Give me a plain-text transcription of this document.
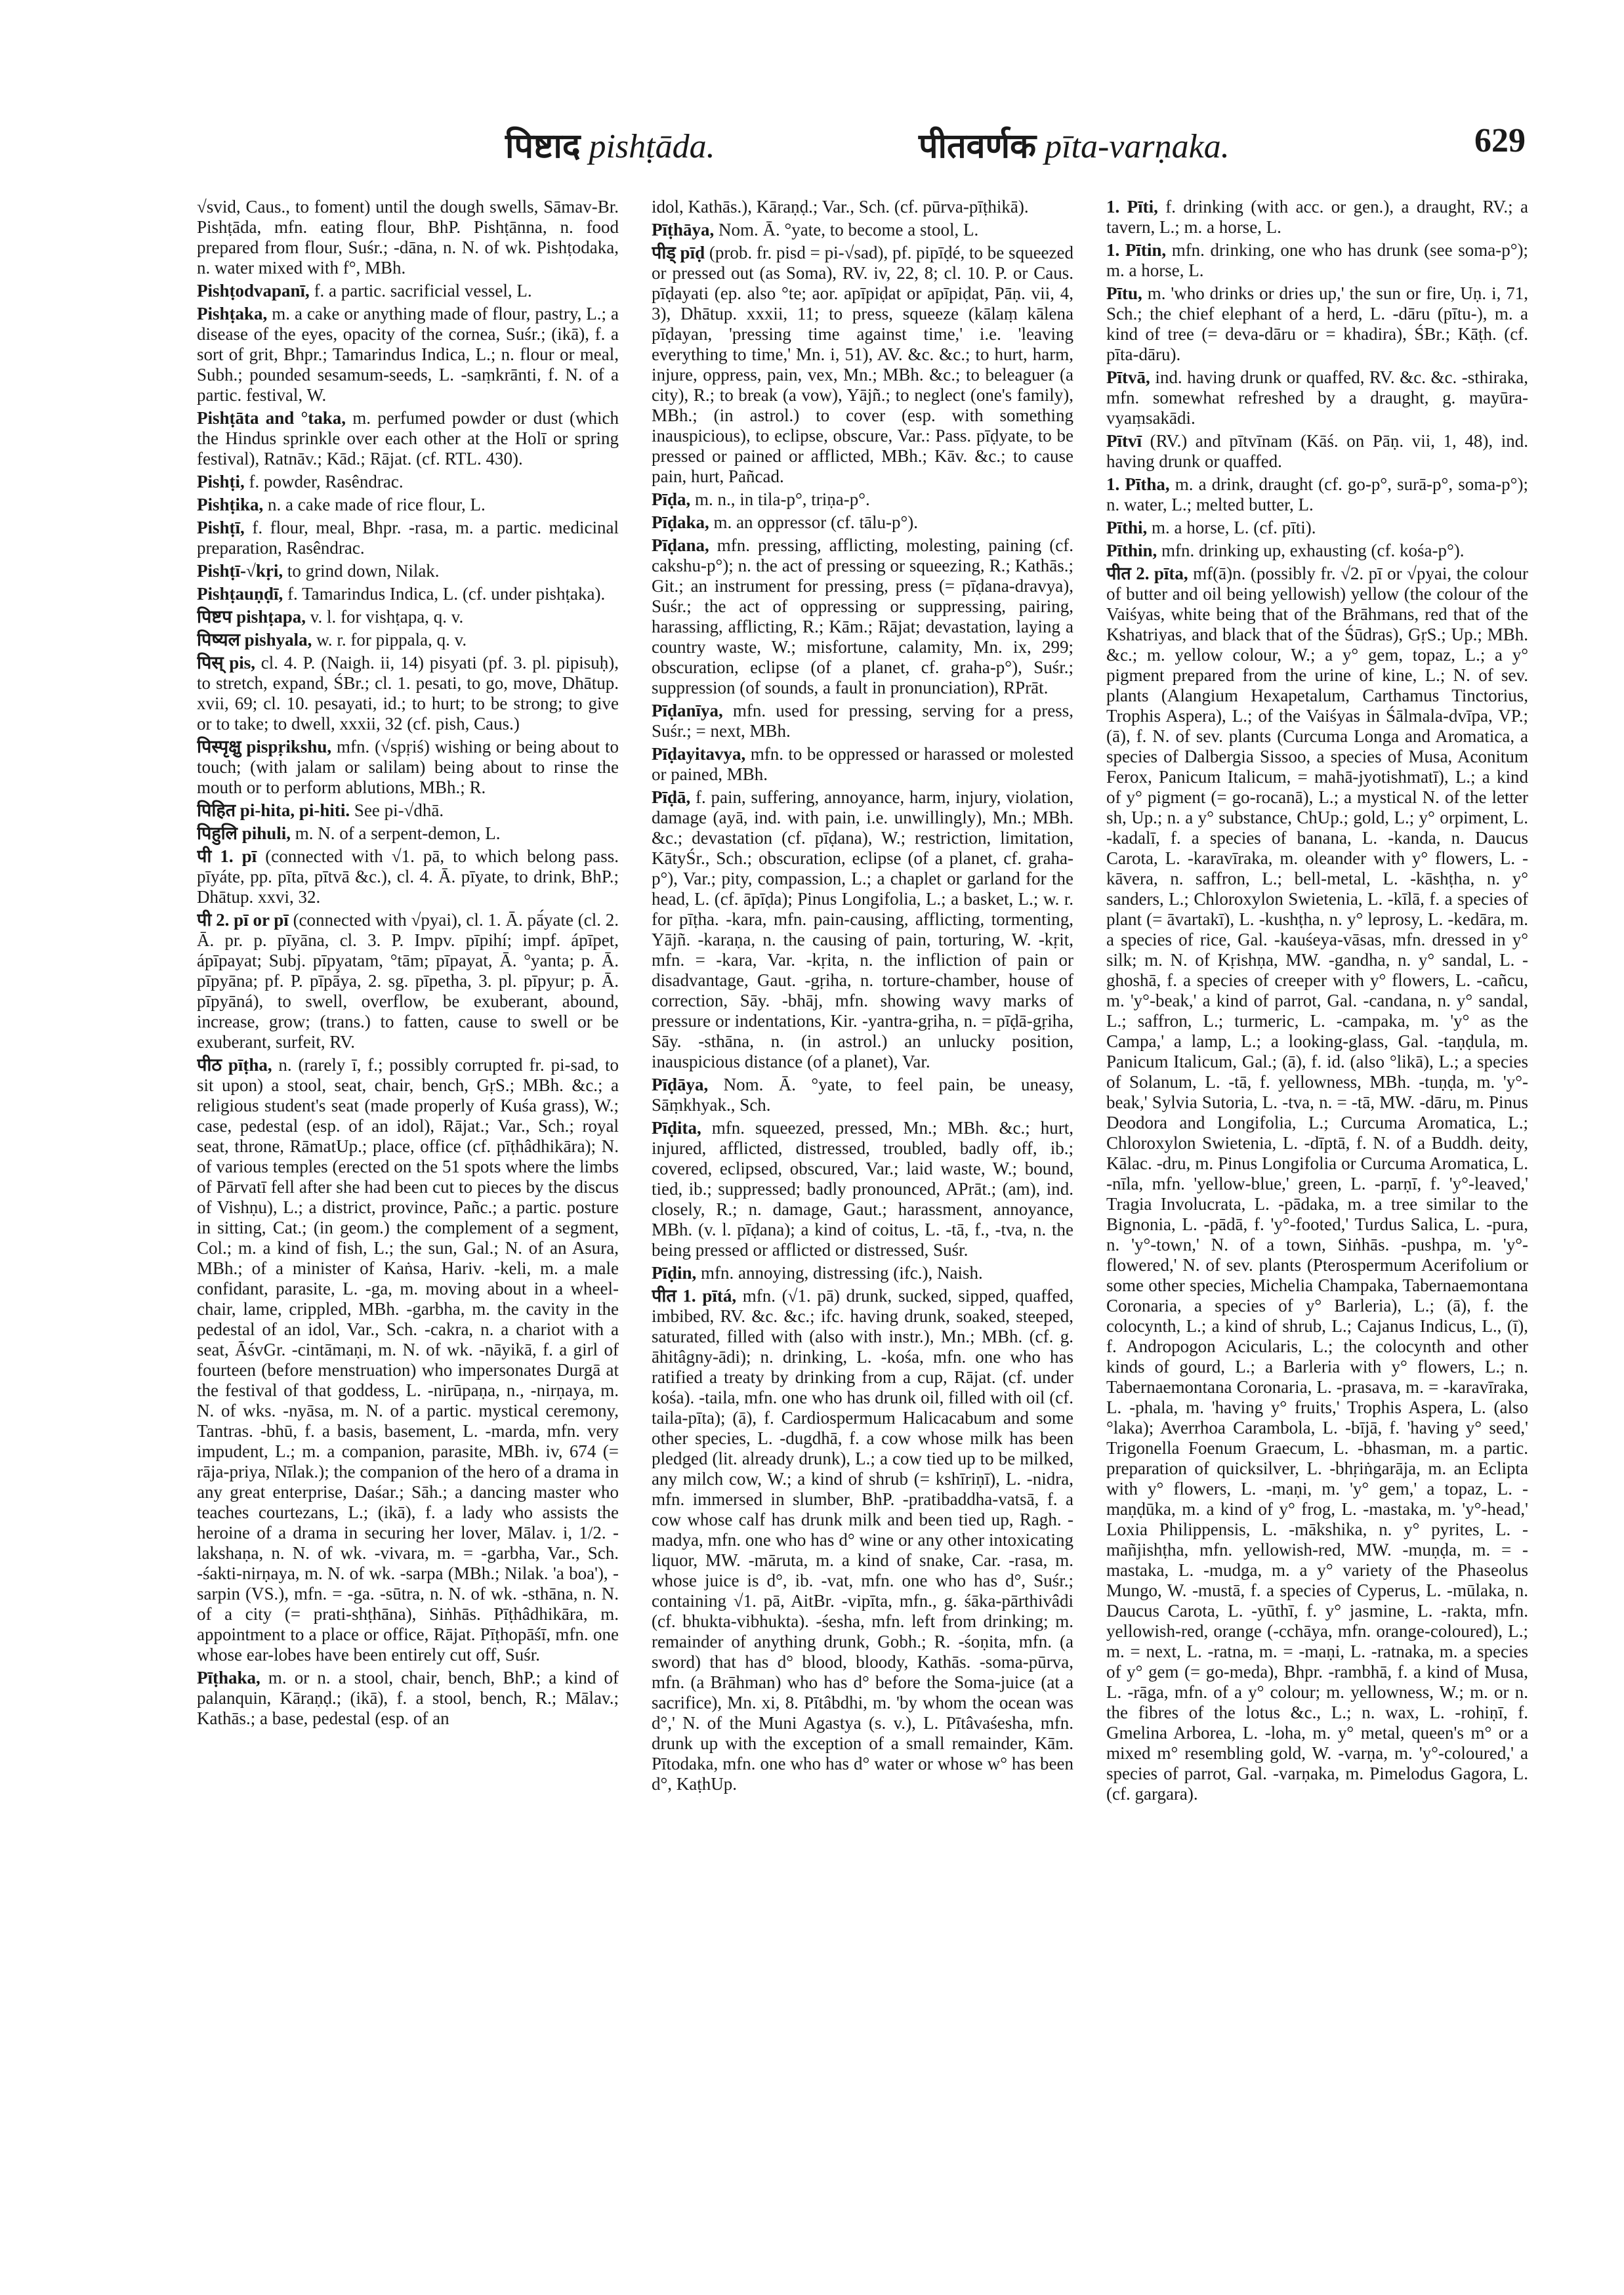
पिष्टाद pishṭāda.	पीतवर्णक pīta-varṇaka.	629

√svid, Caus., to foment) until the dough swells, Sāmav-Br. Pishṭāda, mfn. eating flour, BhP. Pishṭānna, n. food prepared from flour, Suśr.; -dāna, n. N. of wk. Pishṭodaka, n. water mixed with f°, MBh.

Pishṭodvapanī, f. a partic. sacrificial vessel, L.

Pishṭaka, m. a cake or anything made of flour, pastry, L.; a disease of the eyes, opacity of the cornea, Suśr.; (ikā), f. a sort of grit, Bhpr.; Tamarindus Indica, L.; n. flour or meal, Subh.; pounded sesamum-seeds, L. -saṃkrānti, f. N. of a partic. festival, W.

Pishṭāta and °taka, m. perfumed powder or dust (which the Hindus sprinkle over each other at the Holī or spring festival), Ratnāv.; Kād.; Rājat. (cf. RTL. 430).

Pishṭi, f. powder, Rasêndrac.

Pishṭika, n. a cake made of rice flour, L.

Pishṭī, f. flour, meal, Bhpr. -rasa, m. a partic. medicinal preparation, Rasêndrac.

Pishṭī-√kṛi, to grind down, Nilak.

Pishṭauṇḍī, f. Tamarindus Indica, L. (cf. under pishṭaka).

पिष्टप pishṭapa, v. l. for vishṭapa, q. v.

पिष्यल pishyala, w. r. for pippala, q. v.

पिस् pis, cl. 4. P. (Naigh. ii, 14) pisyati (pf. 3. pl. pipisuḥ), to stretch, expand, ŚBr.; cl. 1. pesati, to go, move, Dhātup. xvii, 69; cl. 10. pesayati, id.; to hurt; to be strong; to give or to take; to dwell, xxxii, 32 (cf. pish, Caus.)

पिस्पृक्षु pispṛikshu, mfn. (√spṛiś) wishing or being about to touch; (with jalam or salilam) being about to rinse the mouth or to perform ablutions, MBh.; R.

पिहित pi-hita, pi-hiti. See pi-√dhā.

पिहुलि pihuli, m. N. of a serpent-demon, L.

पी 1. pī (connected with √1. pā, to which belong pass. pīyáte, pp. pīta, pītvā &c.), cl. 4. Ā. pīyate, to drink, BhP.; Dhātup. xxvi, 32.

पी 2. pī or pī (connected with √pyai), cl. 1. Ā. pā́yate (cl. 2. Ā. pr. p. pīyāna, cl. 3. P. Impv. pīpihí; impf. ápīpet, ápīpayat; Subj. pīpyatam, °tām; pīpayat, Ā. °yanta; p. Ā. pīpyāna; pf. P. pīpā́ya, 2. sg. pīpetha, 3. pl. pīpyur; p. Ā. pīpyāná), to swell, overflow, be exuberant, abound, increase, grow; (trans.) to fatten, cause to swell or be exuberant, surfeit, RV.

पीठ pīṭha, n. (rarely ī, f.; possibly corrupted fr. pi-sad, to sit upon) a stool, seat, chair, bench, GṛS.; MBh. &c.; a religious student's seat (made properly of Kuśa grass), W.; case, pedestal (esp. of an idol), Rājat.; Var., Sch.; royal seat, throne, RāmatUp.; place, office (cf. pīṭhâdhikāra); N. of various temples (erected on the 51 spots where the limbs of Pārvatī fell after she had been cut to pieces by the discus of Vishṇu), L.; a district, province, Pañc.; a partic. posture in sitting, Cat.; (in geom.) the complement of a segment, Col.; m. a kind of fish, L.; the sun, Gal.; N. of an Asura, MBh.; of a minister of Kaṅsa, Hariv. -keli, m. a male confidant, parasite, L. -ga, m. moving about in a wheel-chair, lame, crippled, MBh. -garbha, m. the cavity in the pedestal of an idol, Var., Sch. -cakra, n. a chariot with a seat, ĀśvGr. -cintāmaṇi, m. N. of wk. -nāyikā, f. a girl of fourteen (before menstruation) who impersonates Durgā at the festival of that goddess, L. -nirūpaṇa, n., -nirṇaya, m. N. of wks. -nyāsa, m. N. of a partic. mystical ceremony, Tantras. -bhū, f. a basis, basement, L. -marda, mfn. very impudent, L.; m. a companion, parasite, MBh. iv, 674 (= rāja-priya, Nīlak.); the companion of the hero of a drama in any great enterprise, Daśar.; Sāh.; a dancing master who teaches courtezans, L.; (ikā), f. a lady who assists the heroine of a drama in securing her lover, Mālav. i, 1/2. -lakshaṇa, n. N. of wk. -vivara, m. = -garbha, Var., Sch. -śakti-nirṇaya, m. N. of wk. -sarpa (MBh.; Nilak. 'a boa'), -sarpin (VS.), mfn. = -ga. -sūtra, n. N. of wk. -sthāna, n. N. of a city (= prati-shṭhāna), Siṅhās. Pīṭhâdhikāra, m. appointment to a place or office, Rājat. Pīṭhopāśī, mfn. one whose ear-lobes have been entirely cut off, Suśr.

Pīṭhaka, m. or n. a stool, chair, bench, BhP.; a kind of palanquin, Kāraṇḍ.; (ikā), f. a stool, bench, R.; Mālav.; Kathās.; a base, pedestal (esp. of an

idol, Kathās.), Kāraṇḍ.; Var., Sch. (cf. pūrva-pīṭhikā).

Pīṭhāya, Nom. Ā. °yate, to become a stool, L.

पीड् pīḍ (prob. fr. pisd = pi-√sad), pf. pipīḍé, to be squeezed or pressed out (as Soma), RV. iv, 22, 8; cl. 10. P. or Caus. pīḍayati (ep. also °te; aor. apīpiḍat or apīpiḍat, Pāṇ. vii, 4, 3), Dhātup. xxxii, 11; to press, squeeze (kālaṃ kālena pīḍayan, 'pressing time against time,' i.e. 'leaving everything to time,' Mn. i, 51), AV. &c. &c.; to hurt, harm, injure, oppress, pain, vex, Mn.; MBh. &c.; to beleaguer (a city), R.; to break (a vow), Yājñ.; to neglect (one's family), MBh.; (in astrol.) to cover (esp. with something inauspicious), to eclipse, obscure, Var.: Pass. pīḍyate, to be pressed or pained or afflicted, MBh.; Kāv. &c.; to cause pain, hurt, Pañcad.

Pīḍa, m. n., in tila-p°, triṇa-p°.

Pīḍaka, m. an oppressor (cf. tālu-p°).

Pīḍana, mfn. pressing, afflicting, molesting, paining (cf. cakshu-p°); n. the act of pressing or squeezing, R.; Kathās.; Git.; an instrument for pressing, press (= pīḍana-dravya), Suśr.; the act of oppressing or suppressing, pairing, harassing, afflicting, R.; Kām.; Rājat; devastation, laying a country waste, W.; misfortune, calamity, Mn. ix, 299; obscuration, eclipse (of a planet, cf. graha-p°), Suśr.; suppression (of sounds, a fault in pronunciation), RPrāt.

Pīḍanīya, mfn. used for pressing, serving for a press, Suśr.; = next, MBh.

Pīḍayitavya, mfn. to be oppressed or harassed or molested or pained, MBh.

Pīḍā, f. pain, suffering, annoyance, harm, injury, violation, damage (ayā, ind. with pain, i.e. unwillingly), Mn.; MBh. &c.; devastation (cf. pīḍana), W.; restriction, limitation, KātyŚr., Sch.; obscuration, eclipse (of a planet, cf. graha-p°), Var.; pity, compassion, L.; a chaplet or garland for the head, L. (cf. āpīḍa); Pinus Longifolia, L.; a basket, L.; w. r. for pīṭha. -kara, mfn. pain-causing, afflicting, tormenting, Yājñ. -karaṇa, n. the causing of pain, torturing, W. -kṛit, mfn. = -kara, Var. -kṛita, n. the infliction of pain or disadvantage, Gaut. -gṛiha, n. torture-chamber, house of correction, Sāy. -bhāj, mfn. showing wavy marks of pressure or indentations, Kir. -yantra-gṛiha, n. = pīḍā-gṛiha, Sāy. -sthāna, n. (in astrol.) an unlucky position, inauspicious distance (of a planet), Var.

Pīḍāya, Nom. Ā. °yate, to feel pain, be uneasy, Sāṃkhyak., Sch.

Pīḍita, mfn. squeezed, pressed, Mn.; MBh. &c.; hurt, injured, afflicted, distressed, troubled, badly off, ib.; covered, eclipsed, obscured, Var.; laid waste, W.; bound, tied, ib.; suppressed; badly pronounced, APrāt.; (am), ind. closely, R.; n. damage, Gaut.; harassment, annoyance, MBh. (v. l. pīḍana); a kind of coitus, L. -tā, f., -tva, n. the being pressed or afflicted or distressed, Suśr.

Pīḍin, mfn. annoying, distressing (ifc.), Naish.

पीत 1. pītá, mfn. (√1. pā) drunk, sucked, sipped, quaffed, imbibed, RV. &c. &c.; ifc. having drunk, soaked, steeped, saturated, filled with (also with instr.), Mn.; MBh. (cf. g. āhitâgny-ādi); n. drinking, L. -kośa, mfn. one who has ratified a treaty by drinking from a cup, Rājat. (cf. under kośa). -taila, mfn. one who has drunk oil, filled with oil (cf. taila-pīta); (ā), f. Cardiospermum Halicacabum and some other species, L. -dugdhā, f. a cow whose milk has been pledged (lit. already drunk), L.; a cow tied up to be milked, any milch cow, W.; a kind of shrub (= kshīriṇī), L. -nidra, mfn. immersed in slumber, BhP. -pratibaddha-vatsā, f. a cow whose calf has drunk milk and been tied up, Ragh. -madya, mfn. one who has d° wine or any other intoxicating liquor, MW. -māruta, m. a kind of snake, Car. -rasa, m. whose juice is d°, ib. -vat, mfn. one who has d°, Suśr.; containing √1. pā, AitBr. -vipīta, mfn., g. śāka-pārthivâdi (cf. bhukta-vibhukta). -śesha, mfn. left from drinking; m. remainder of anything drunk, Gobh.; R. -śoṇita, mfn. (a sword) that has d° blood, bloody, Kathās. -soma-pūrva, mfn. (a Brāhman) who has d° before the Soma-juice (at a sacrifice), Mn. xi, 8. Pītâbdhi, m. 'by whom the ocean was d°,' N. of the Muni Agastya (s. v.), L. Pītâvaśesha, mfn. drunk up with the exception of a small remainder, Kām. Pītodaka, mfn. one who has d° water or whose w° has been d°, KaṭhUp.

1. Pīti, f. drinking (with acc. or gen.), a draught, RV.; a tavern, L.; m. a horse, L.

1. Pītin, mfn. drinking, one who has drunk (see soma-p°); m. a horse, L.

Pītu, m. 'who drinks or dries up,' the sun or fire, Uṇ. i, 71, Sch.; the chief elephant of a herd, L. -dāru (pītu-), m. a kind of tree (= deva-dāru or = khadira), ŚBr.; Kāṭh. (cf. pīta-dāru).

Pītvā, ind. having drunk or quaffed, RV. &c. &c. -sthiraka, mfn. somewhat refreshed by a draught, g. mayūra-vyaṃsakādi.

Pītvī (RV.) and pītvīnam (Kāś. on Pāṇ. vii, 1, 48), ind. having drunk or quaffed.

1. Pītha, m. a drink, draught (cf. go-p°, surā-p°, soma-p°); n. water, L.; melted butter, L.

Pīthi, m. a horse, L. (cf. pīti).

Pīthin, mfn. drinking up, exhausting (cf. kośa-p°).

पीत 2. pīta, mf(ā)n. (possibly fr. √2. pī or √pyai, the colour of butter and oil being yellowish) yellow (the colour of the Vaiśyas, white being that of the Brāhmans, red that of the Kshatriyas, and black that of the Śūdras), GṛS.; Up.; MBh. &c.; m. yellow colour, W.; a y° gem, topaz, L.; a y° pigment prepared from the urine of kine, L.; N. of sev. plants (Alangium Hexapetalum, Carthamus Tinctorius, Trophis Aspera), L.; of the Vaiśyas in Śālmala-dvīpa, VP.; (ā), f. N. of sev. plants (Curcuma Longa and Aromatica, a species of Dalbergia Sissoo, a species of Musa, Aconitum Ferox, Panicum Italicum, = mahā-jyotishmatī), L.; a kind of y° pigment (= go-rocanā), L.; a mystical N. of the letter sh, Up.; n. a y° substance, ChUp.; gold, L.; y° orpiment, L. -kadalī, f. a species of banana, L. -kanda, n. Daucus Carota, L. -karavīraka, m. oleander with y° flowers, L. -kāvera, n. saffron, L.; bell-metal, L. -kāshṭha, n. y° sanders, L.; Chloroxylon Swietenia, L. -kīlā, f. a species of plant (= āvartakī), L. -kushṭha, n. y° leprosy, L. -kedāra, m. a species of rice, Gal. -kauśeya-vāsas, mfn. dressed in y° silk; m. N. of Kṛishṇa, MW. -gandha, n. y° sandal, L. -ghoshā, f. a species of creeper with y° flowers, L. -cañcu, m. 'y°-beak,' a kind of parrot, Gal. -candana, n. y° sandal, L.; saffron, L.; turmeric, L. -campaka, m. 'y° as the Campa,' a lamp, L.; a looking-glass, Gal. -taṇḍula, m. Panicum Italicum, Gal.; (ā), f. id. (also °likā), L.; a species of Solanum, L. -tā, f. yellowness, MBh. -tuṇḍa, m. 'y°-beak,' Sylvia Sutoria, L. -tva, n. = -tā, MW. -dāru, m. Pinus Deodora and Longifolia, L.; Curcuma Aromatica, L.; Chloroxylon Swietenia, L. -dīptā, f. N. of a Buddh. deity, Kālac. -dru, m. Pinus Longifolia or Curcuma Aromatica, L. -nīla, mfn. 'yellow-blue,' green, L. -parṇī, f. 'y°-leaved,' Tragia Involucrata, L. -pādaka, m. a tree similar to the Bignonia, L. -pādā, f. 'y°-footed,' Turdus Salica, L. -pura, n. 'y°-town,' N. of a town, Siṅhās. -pushpa, m. 'y°-flowered,' N. of sev. plants (Pterospermum Acerifolium or some other species, Michelia Champaka, Tabernaemontana Coronaria, a species of y° Barleria), L.; (ā), f. the colocynth, L.; a kind of shrub, L.; Cajanus Indicus, L., (ī), f. Andropogon Acicularis, L.; the colocynth and other kinds of gourd, L.; a Barleria with y° flowers, L.; n. Tabernaemontana Coronaria, L. -prasava, m. = -karavīraka, L. -phala, m. 'having y° fruits,' Trophis Aspera, L. (also °laka); Averrhoa Carambola, L. -bījā, f. 'having y° seed,' Trigonella Foenum Graecum, L. -bhasman, m. a partic. preparation of quicksilver, L. -bhṛiṅgarāja, m. an Eclipta with y° flowers, L. -maṇi, m. 'y° gem,' a topaz, L. -maṇḍūka, m. a kind of y° frog, L. -mastaka, m. 'y°-head,' Loxia Philippensis, L. -mākshika, n. y° pyrites, L. -mañjishṭha, mfn. yellowish-red, MW. -muṇḍa, m. = -mastaka, L. -mudga, m. a y° variety of the Phaseolus Mungo, W. -mustā, f. a species of Cyperus, L. -mūlaka, n. Daucus Carota, L. -yūthī, f. y° jasmine, L. -rakta, mfn. yellowish-red, orange (-cchāya, mfn. orange-coloured), L.; m. = next, L. -ratna, m. = -maṇi, L. -ratnaka, m. a species of y° gem (= go-meda), Bhpr. -rambhā, f. a kind of Musa, L. -rāga, mfn. of a y° colour; m. yellowness, W.; m. or n. the fibres of the lotus &c., L.; n. wax, L. -rohiṇī, f. Gmelina Arborea, L. -loha, m. y° metal, queen's m° or a mixed m° resembling gold, W. -varṇa, m. 'y°-coloured,' a species of parrot, Gal. -varṇaka, m. Pimelodus Gagora, L. (cf. gargara).
